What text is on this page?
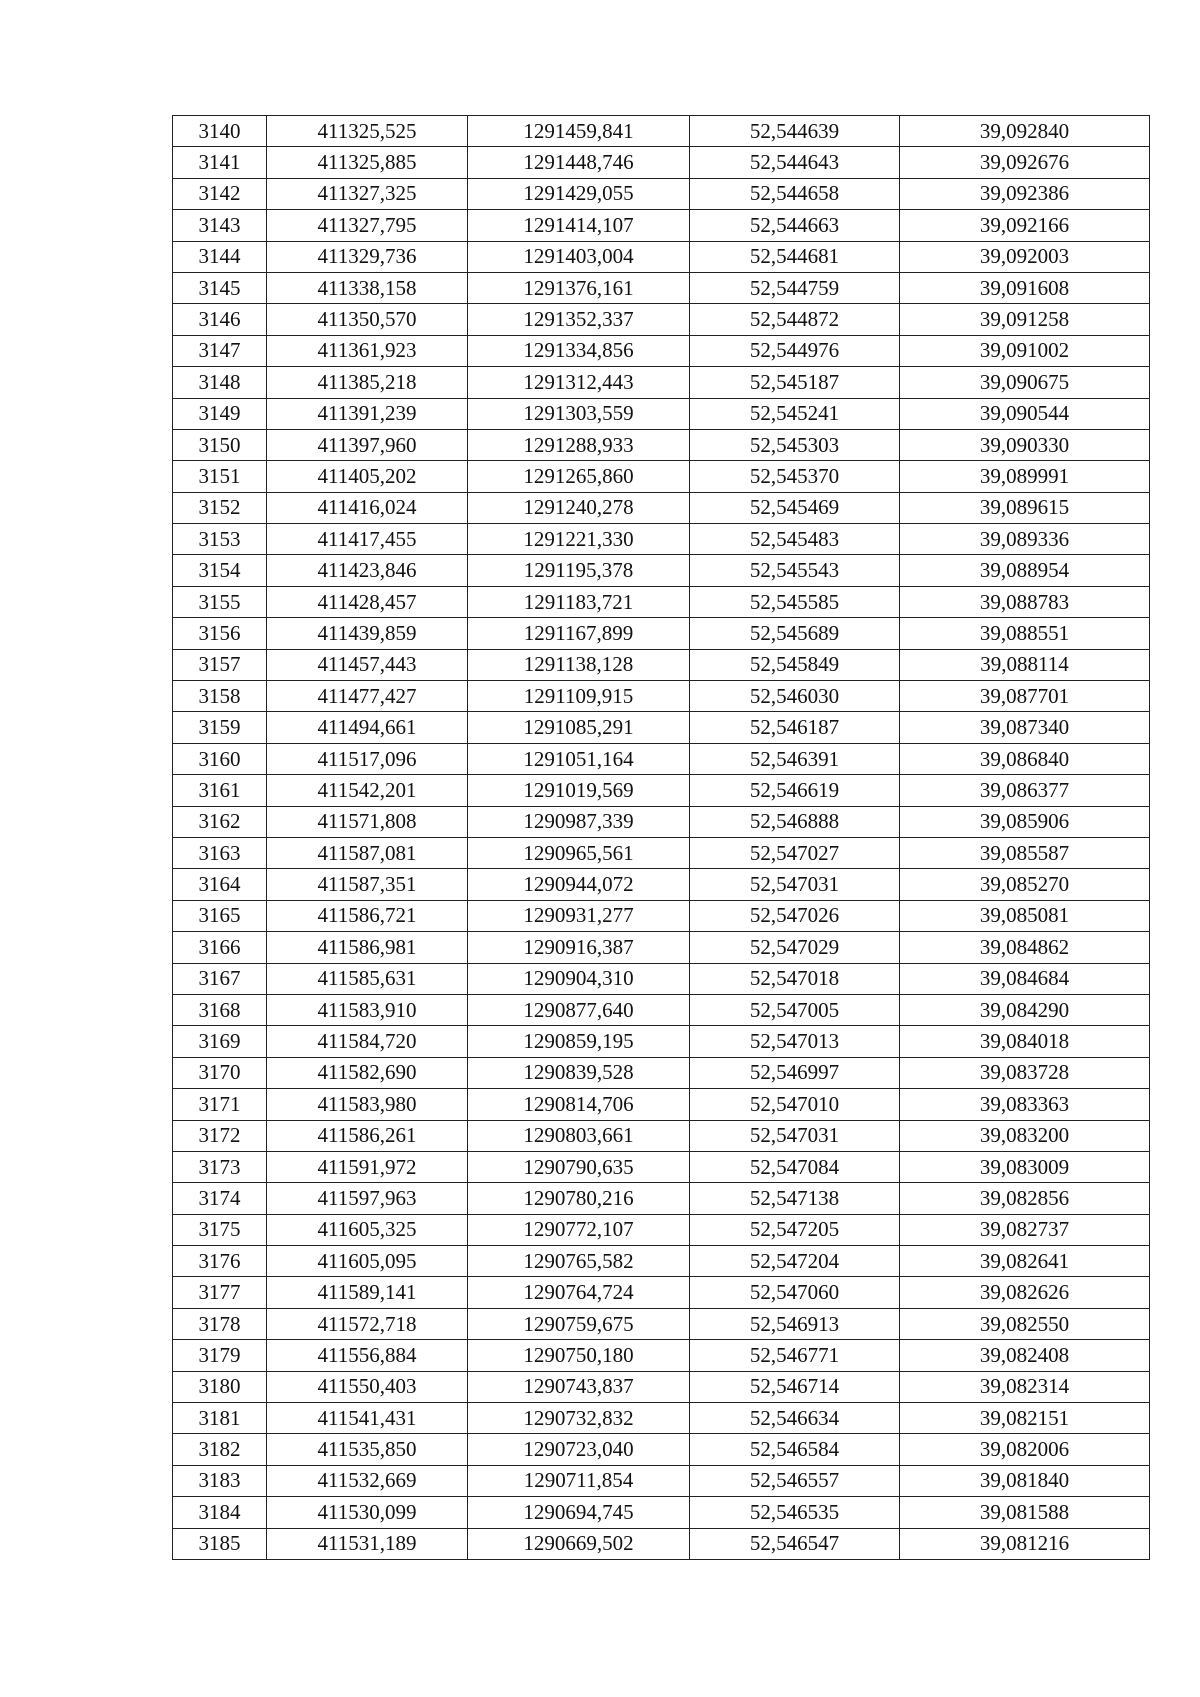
3140	411325,525	1291459,841	52,544639	39,092840
3141	411325,885	1291448,746	52,544643	39,092676
3142	411327,325	1291429,055	52,544658	39,092386
3143	411327,795	1291414,107	52,544663	39,092166
3144	411329,736	1291403,004	52,544681	39,092003
3145	411338,158	1291376,161	52,544759	39,091608
3146	411350,570	1291352,337	52,544872	39,091258
3147	411361,923	1291334,856	52,544976	39,091002
3148	411385,218	1291312,443	52,545187	39,090675
3149	411391,239	1291303,559	52,545241	39,090544
3150	411397,960	1291288,933	52,545303	39,090330
3151	411405,202	1291265,860	52,545370	39,089991
3152	411416,024	1291240,278	52,545469	39,089615
3153	411417,455	1291221,330	52,545483	39,089336
3154	411423,846	1291195,378	52,545543	39,088954
3155	411428,457	1291183,721	52,545585	39,088783
3156	411439,859	1291167,899	52,545689	39,088551
3157	411457,443	1291138,128	52,545849	39,088114
3158	411477,427	1291109,915	52,546030	39,087701
3159	411494,661	1291085,291	52,546187	39,087340
3160	411517,096	1291051,164	52,546391	39,086840
3161	411542,201	1291019,569	52,546619	39,086377
3162	411571,808	1290987,339	52,546888	39,085906
3163	411587,081	1290965,561	52,547027	39,085587
3164	411587,351	1290944,072	52,547031	39,085270
3165	411586,721	1290931,277	52,547026	39,085081
3166	411586,981	1290916,387	52,547029	39,084862
3167	411585,631	1290904,310	52,547018	39,084684
3168	411583,910	1290877,640	52,547005	39,084290
3169	411584,720	1290859,195	52,547013	39,084018
3170	411582,690	1290839,528	52,546997	39,083728
3171	411583,980	1290814,706	52,547010	39,083363
3172	411586,261	1290803,661	52,547031	39,083200
3173	411591,972	1290790,635	52,547084	39,083009
3174	411597,963	1290780,216	52,547138	39,082856
3175	411605,325	1290772,107	52,547205	39,082737
3176	411605,095	1290765,582	52,547204	39,082641
3177	411589,141	1290764,724	52,547060	39,082626
3178	411572,718	1290759,675	52,546913	39,082550
3179	411556,884	1290750,180	52,546771	39,082408
3180	411550,403	1290743,837	52,546714	39,082314
3181	411541,431	1290732,832	52,546634	39,082151
3182	411535,850	1290723,040	52,546584	39,082006
3183	411532,669	1290711,854	52,546557	39,081840
3184	411530,099	1290694,745	52,546535	39,081588
3185	411531,189	1290669,502	52,546547	39,081216
